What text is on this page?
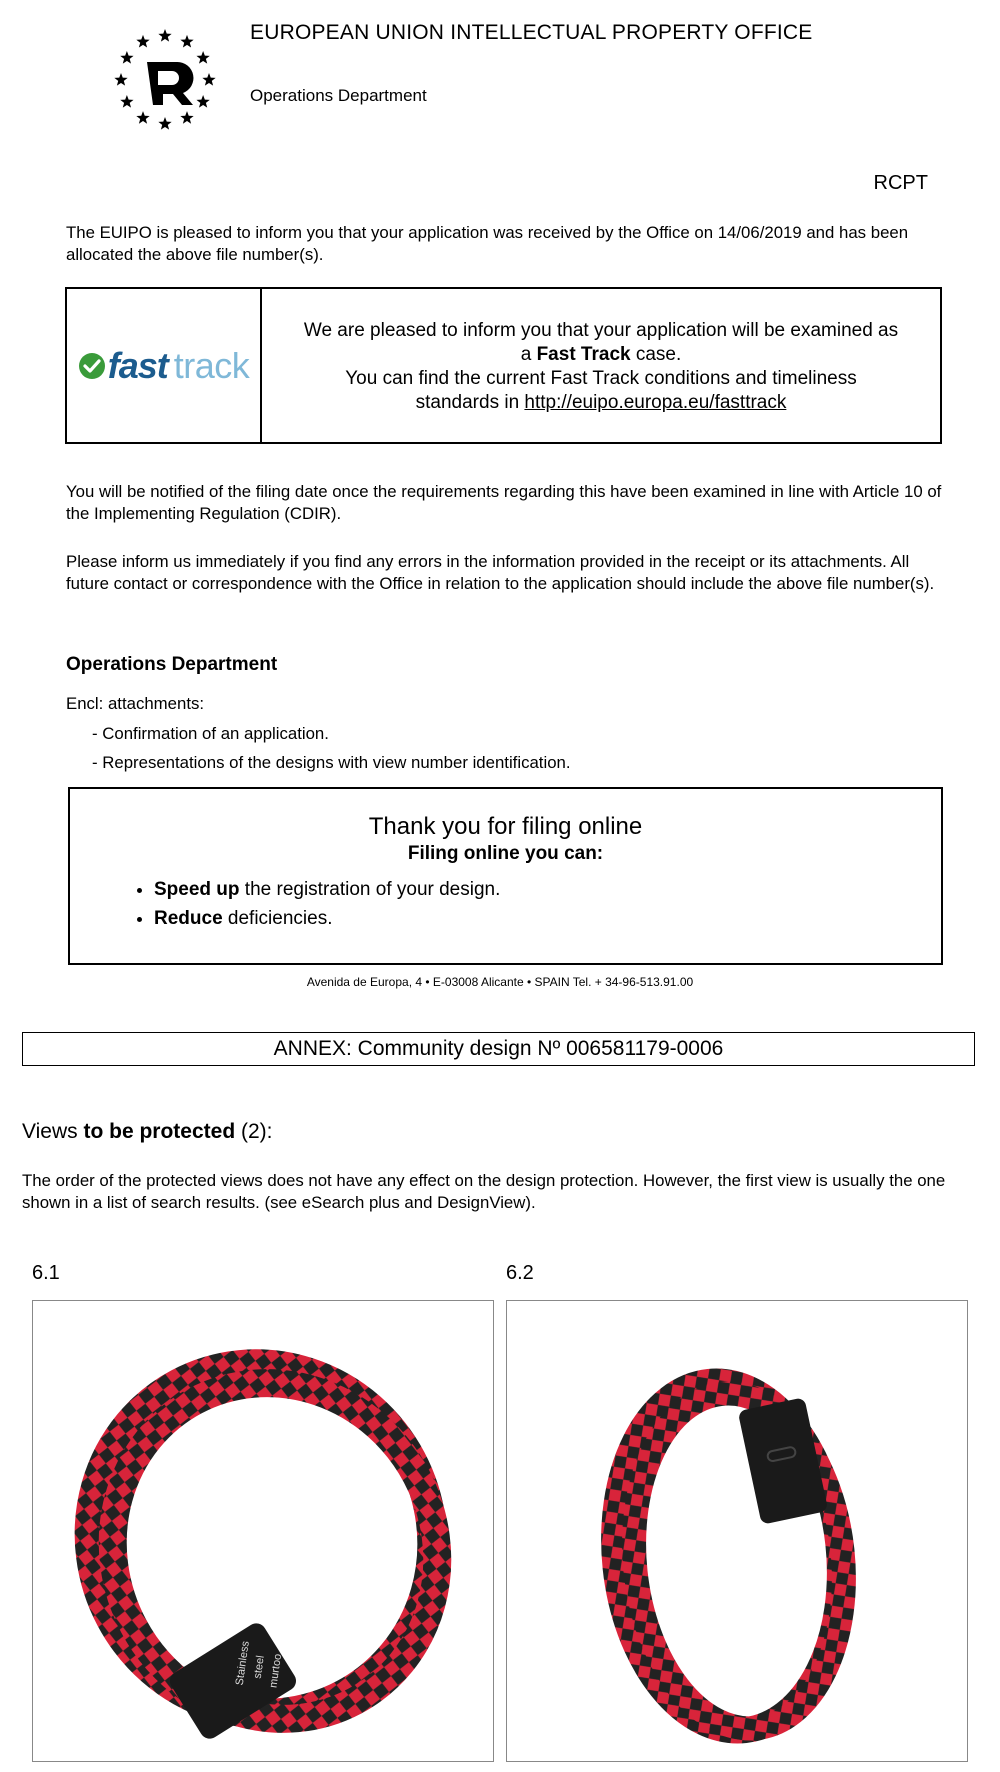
EUROPEAN UNION INTELLECTUAL PROPERTY OFFICE
Operations Department
RCPT
The EUIPO is pleased to inform you that your application was received by the Office on 14/06/2019 and has been allocated the above file number(s).
fast track
We are pleased to inform you that your application will be examined as
a Fast Track case.
You can find the current Fast Track conditions and timeliness
standards in http://euipo.europa.eu/fasttrack
You will be notified of the filing date once the requirements regarding this have been examined in line with Article 10 of the Implementing Regulation (CDIR).
Please inform us immediately if you find any errors in the information provided in the receipt or its attachments. All future contact or correspondence with the Office in relation to the application should include the above file number(s).
Operations Department
Encl: attachments:
- Confirmation of an application.
- Representations of the designs with view number identification.
Thank you for filing online
Filing online you can:
• Speed up the registration of your design.
• Reduce deficiencies.
Avenida de Europa, 4 • E-03008 Alicante • SPAIN Tel. + 34-96-513.91.00
ANNEX: Community design Nº 006581179-0006
Views to be protected (2):
The order of the protected views does not have any effect on the design protection. However, the first view is usually the one shown in a list of search results. (see eSearch plus and DesignView).
6.1	6.2
Stainless steel murtoo
